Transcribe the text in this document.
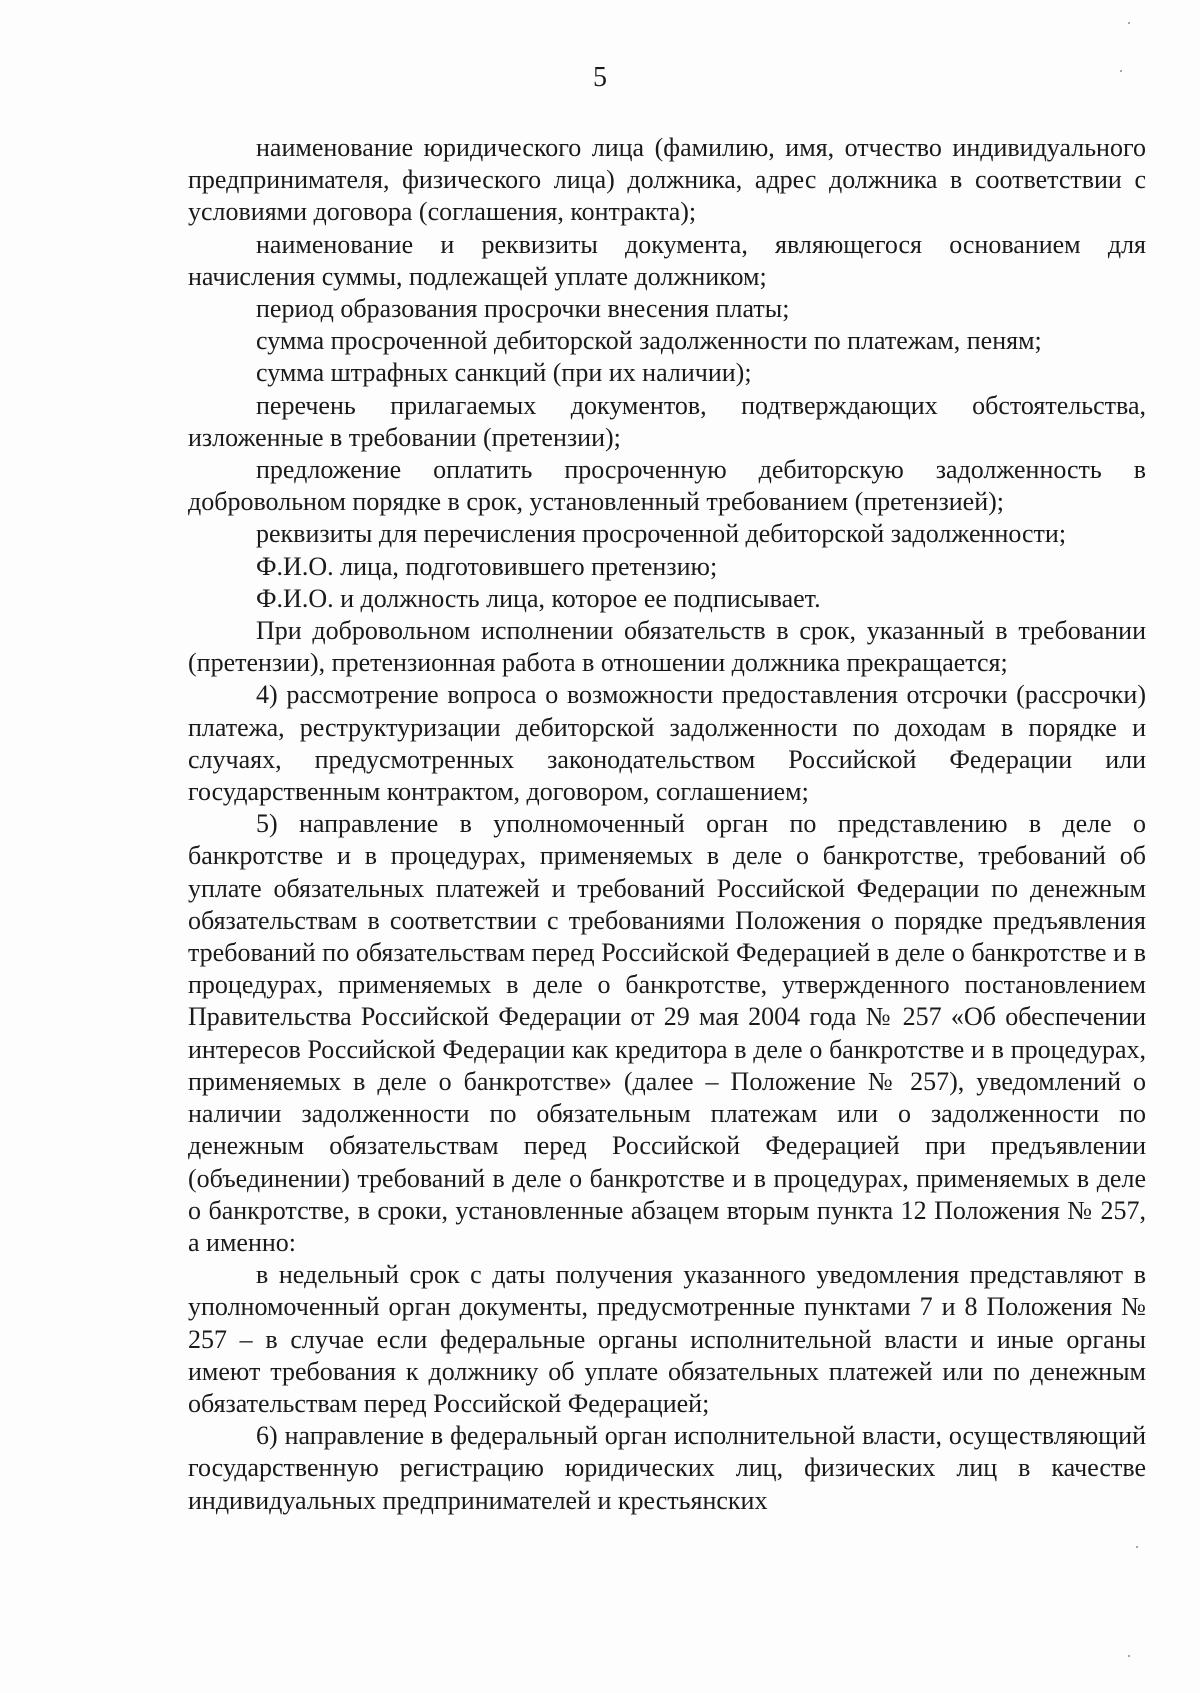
5

наименование юридического лица (фамилию, имя, отчество индивидуального предпринимателя, физического лица) должника, адрес должника в соответствии с условиями договора (соглашения, контракта);

наименование и реквизиты документа, являющегося основанием для начисления суммы, подлежащей уплате должником;

период образования просрочки внесения платы;

сумма просроченной дебиторской задолженности по платежам, пеням;

сумма штрафных санкций (при их наличии);

перечень прилагаемых документов, подтверждающих обстоятельства, изложенные в требовании (претензии);

предложение оплатить просроченную дебиторскую задолженность в добровольном порядке в срок, установленный требованием (претензией);

реквизиты для перечисления просроченной дебиторской задолженности;

Ф.И.О. лица, подготовившего претензию;

Ф.И.О. и должность лица, которое ее подписывает.

При добровольном исполнении обязательств в срок, указанный в требовании (претензии), претензионная работа в отношении должника прекращается;

4) рассмотрение вопроса о возможности предоставления отсрочки (рассрочки) платежа, реструктуризации дебиторской задолженности по доходам в порядке и случаях, предусмотренных законодательством Российской Федерации или государственным контрактом, договором, соглашением;

5) направление в уполномоченный орган по представлению в деле о банкротстве и в процедурах, применяемых в деле о банкротстве, требований об уплате обязательных платежей и требований Российской Федерации по денежным обязательствам в соответствии с требованиями Положения о порядке предъявления требований по обязательствам перед Российской Федерацией в деле о банкротстве и в процедурах, применяемых в деле о банкротстве, утвержденного постановлением Правительства Российской Федерации от 29 мая 2004 года № 257 «Об обеспечении интересов Российской Федерации как кредитора в деле о банкротстве и в процедурах, применяемых в деле о банкротстве» (далее – Положение № 257), уведомлений о наличии задолженности по обязательным платежам или о задолженности по денежным обязательствам перед Российской Федерацией при предъявлении (объединении) требований в деле о банкротстве и в процедурах, применяемых в деле о банкротстве, в сроки, установленные абзацем вторым пункта 12 Положения № 257, а именно:

в недельный срок с даты получения указанного уведомления представляют в уполномоченный орган документы, предусмотренные пунктами 7 и 8 Положения № 257 – в случае если федеральные органы исполнительной власти и иные органы имеют требования к должнику об уплате обязательных платежей или по денежным обязательствам перед Российской Федерацией;

6) направление в федеральный орган исполнительной власти, осуществляющий государственную регистрацию юридических лиц, физических лиц в качестве индивидуальных предпринимателей и крестьянских
